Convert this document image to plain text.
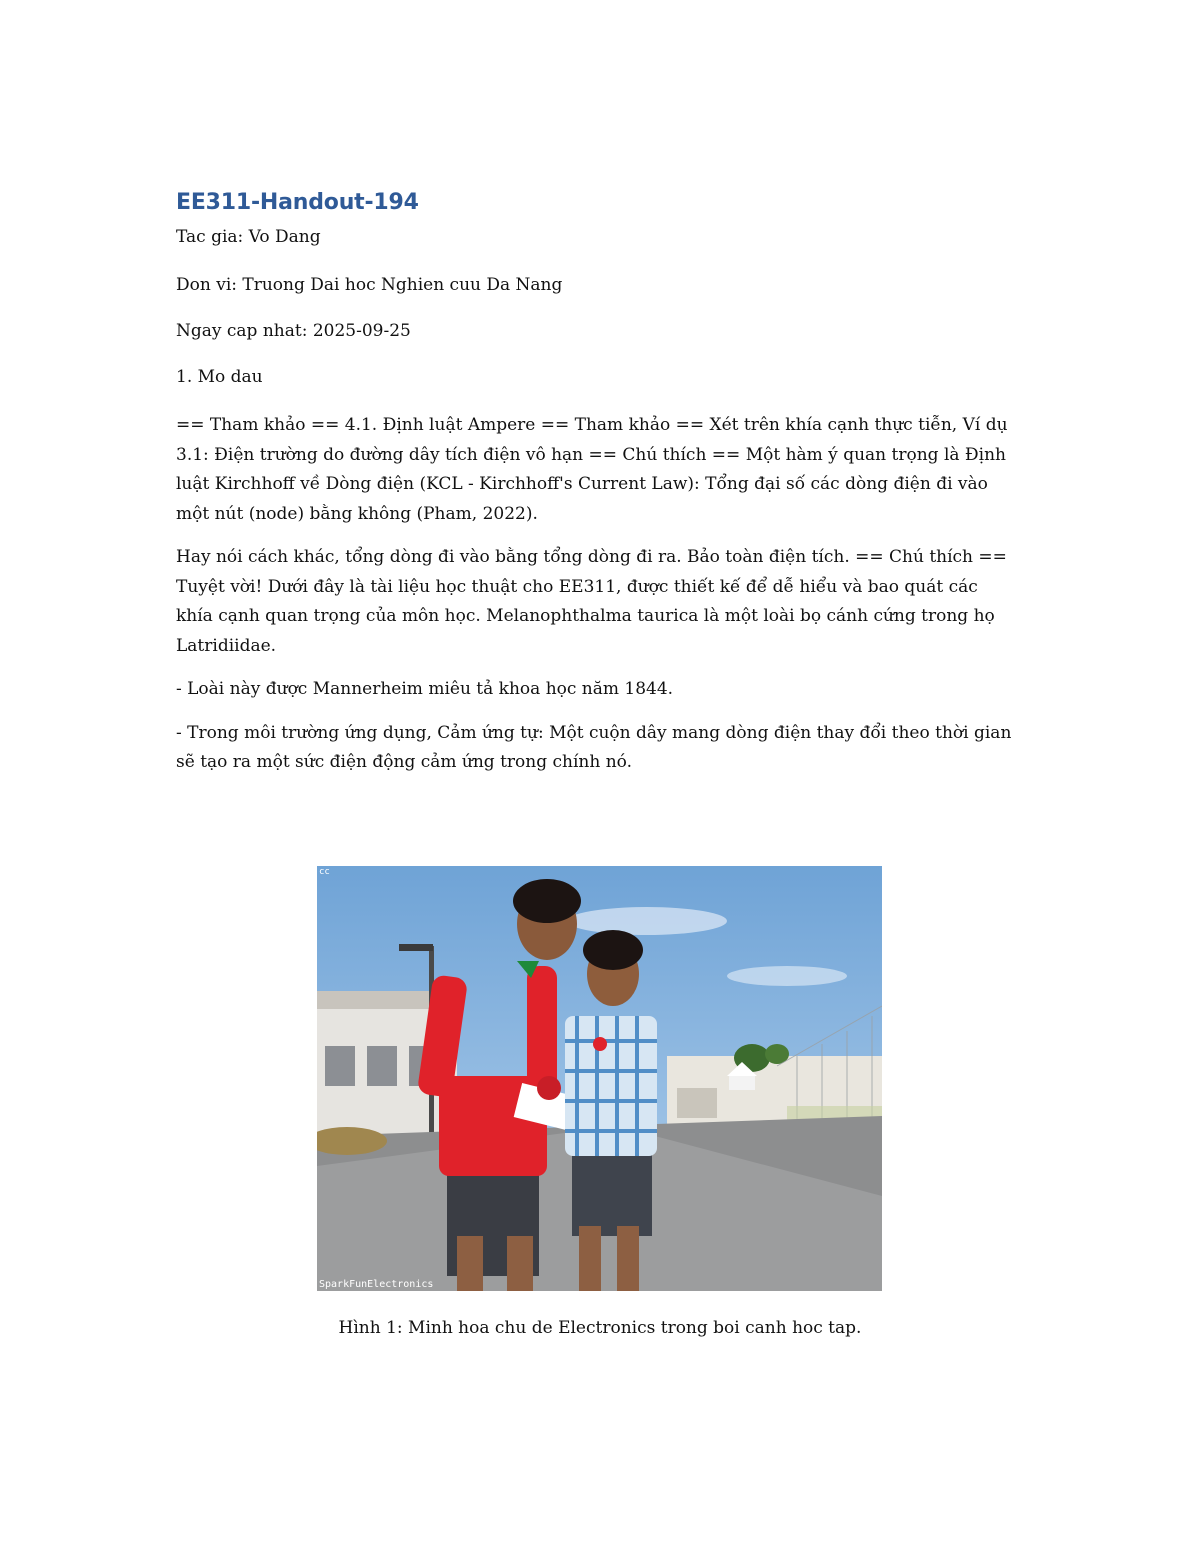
EE311-Handout-194

Tac gia: Vo Dang

Don vi: Truong Dai hoc Nghien cuu Da Nang

Ngay cap nhat: 2025-09-25

1. Mo dau

== Tham khảo == 4.1. Định luật Ampere == Tham khảo == Xét trên khía cạnh thực tiễn, Ví dụ 3.1: Điện trường do đường dây tích điện vô hạn == Chú thích == Một hàm ý quan trọng là Định luật Kirchhoff về Dòng điện (KCL - Kirchhoff's Current Law): Tổng đại số các dòng điện đi vào một nút (node) bằng không (Pham, 2022).

Hay nói cách khác, tổng dòng đi vào bằng tổng dòng đi ra. Bảo toàn điện tích. == Chú thích == Tuyệt vời! Dưới đây là tài liệu học thuật cho EE311, được thiết kế để dễ hiểu và bao quát các khía cạnh quan trọng của môn học. Melanophthalma taurica là một loài bọ cánh cứng trong họ Latridiidae.

- Loài này được Mannerheim miêu tả khoa học năm 1844.

- Trong môi trường ứng dụng, Cảm ứng tự: Một cuộn dây mang dòng điện thay đổi theo thời gian sẽ tạo ra một sức điện động cảm ứng trong chính nó.

cc
SparkFunElectronics

Hình 1: Minh hoa chu de Electronics trong boi canh hoc tap.
